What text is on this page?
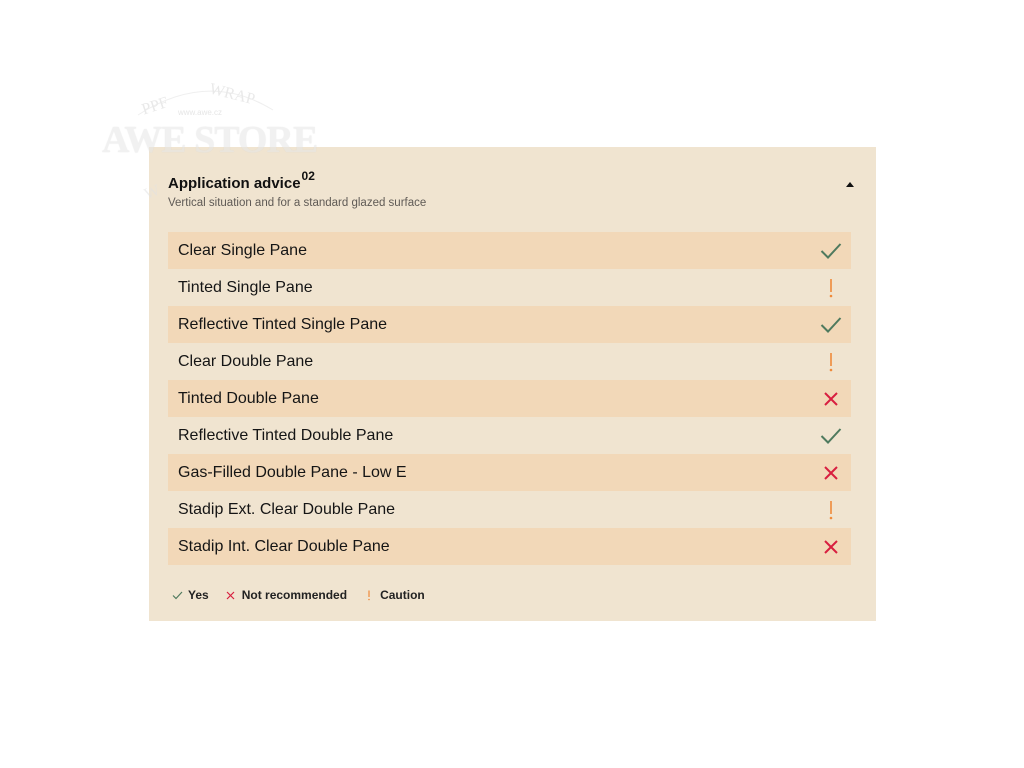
PPF WRAP
W
www.awe.cz
AWE STORE
Application advice$^{02}$
Vertical situation and for a standard glazed surface
Clear Single Pane
Tinted Single Pane
Reflective Tinted Single Pane
Clear Double Pane
Tinted Double Pane
Reflective Tinted Double Pane
Gas-Filled Double Pane - Low E
Stadip Ext. Clear Double Pane
Stadip Int. Clear Double Pane
Yes	Not recommended	Caution
